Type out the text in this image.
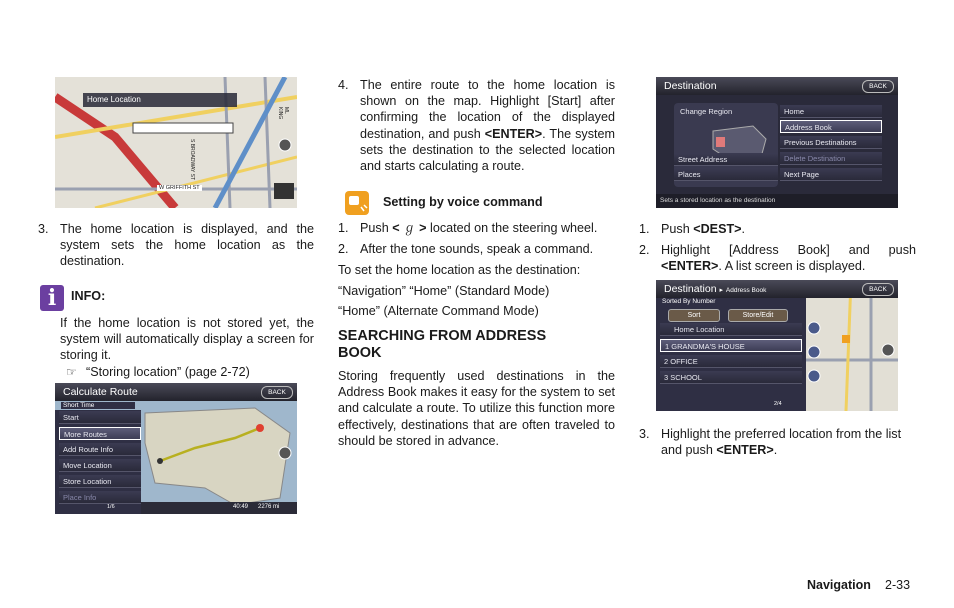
Home Location
W GRIFFITH ST
S BROADWAY ST
ML KING
3. The home location is displayed, and the system sets the home location as the destination.
i	INFO:
If the home location is not stored yet, the system will automatically display a screen for storing it.
☞ “Storing location” (page 2-72)
Calculate Route	BACK
Short Time
Start
More Routes
Add Route Info
Move Location
Store Location
Place Info
1/6	40:49 2276 mi
4. The entire route to the home location is shown on the map. Highlight [Start] after confirming the location of the displayed destination, and push <ENTER>. The system sets the destination to the selected location and starts calculating a route.
Setting by voice command
1. Push < ℊ > located on the steering wheel.
2. After the tone sounds, speak a command.
To set the home location as the destination:
“Navigation” “Home” (Standard Mode)
“Home” (Alternate Command Mode)
SEARCHING FROM ADDRESS
BOOK
Storing frequently used destinations in the Address Book makes it easy for the system to set and calculate a route. To utilize this function more effectively, destinations that are often traveled to should be stored in advance.
Destination	BACK
Change Region
Street Address
Places
Home
Address Book
Previous Destinations
Delete Destination
Next Page
Sets a stored location as the destination
1. Push <DEST>.
2. Highlight [Address Book] and push <ENTER>. A list screen is displayed.
Destination ▸ Address Book	BACK
Sorted By Number
Sort	Store/Edit
Home Location
1 GRANDMA'S HOUSE
2 OFFICE
3 SCHOOL
2/4
3. Highlight the preferred location from the list and push <ENTER>.
Navigation 2-33
